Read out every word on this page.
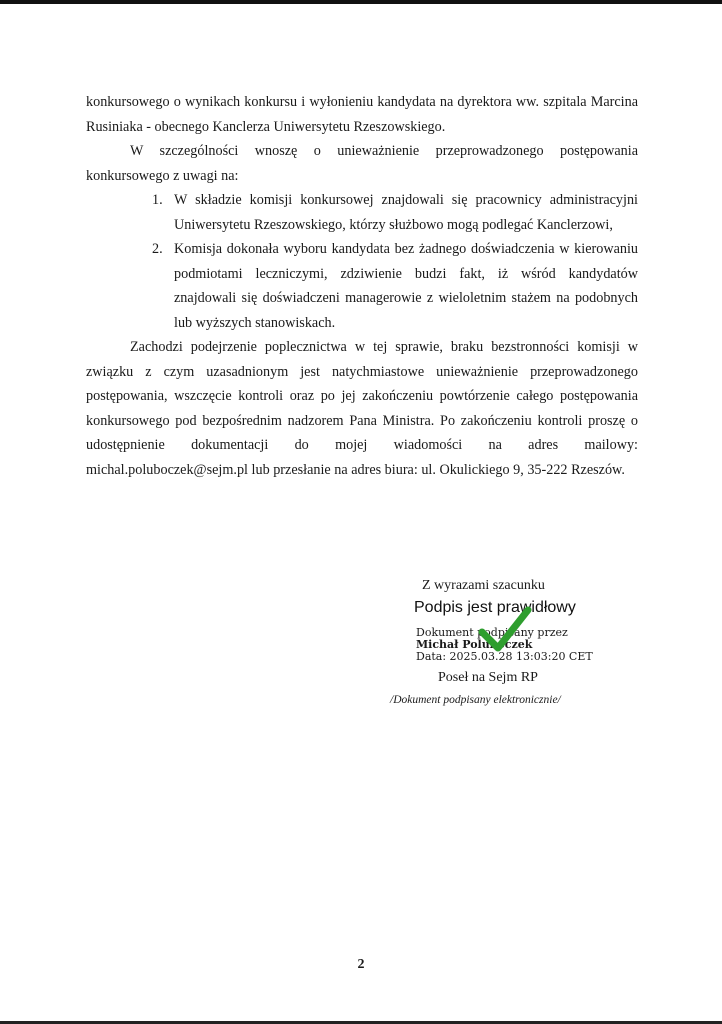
konkursowego o wynikach konkursu i wyłonieniu kandydata na dyrektora ww. szpitala Marcina Rusiniaka - obecnego Kanclerza Uniwersytetu Rzeszowskiego.

W szczególności wnoszę o unieważnienie przeprowadzonego postępowania konkursowego z uwagi na:

1. W składzie komisji konkursowej znajdowali się pracownicy administracyjni Uniwersytetu Rzeszowskiego, którzy służbowo mogą podlegać Kanclerzowi,
2. Komisja dokonała wyboru kandydata bez żadnego doświadczenia w kierowaniu podmiotami leczniczymi, zdziwienie budzi fakt, iż wśród kandydatów znajdowali się doświadczeni managerowie z wieloletnim stażem na podobnych lub wyższych stanowiskach.

Zachodzi podejrzenie poplecznictwa w tej sprawie, braku bezstronności komisji w związku z czym uzasadnionym jest natychmiastowe unieważnienie przeprowadzonego postępowania, wszczęcie kontroli oraz po jej zakończeniu powtórzenie całego postępowania konkursowego pod bezpośrednim nadzorem Pana Ministra. Po zakończeniu kontroli proszę o udostępnienie dokumentacji do mojej wiadomości na adres mailowy: michal.poluboczek@sejm.pl lub przesłanie na adres biura: ul. Okulickiego 9, 35-222 Rzeszów.

Z wyrazami szacunku
Podpis jest prawidłowy
Dokument podpisany przez
Michał Poluboczek
Data: 2025.03.28 13:03:20 CET
Poseł na Sejm RP
/Dokument podpisany elektronicznie/
2
